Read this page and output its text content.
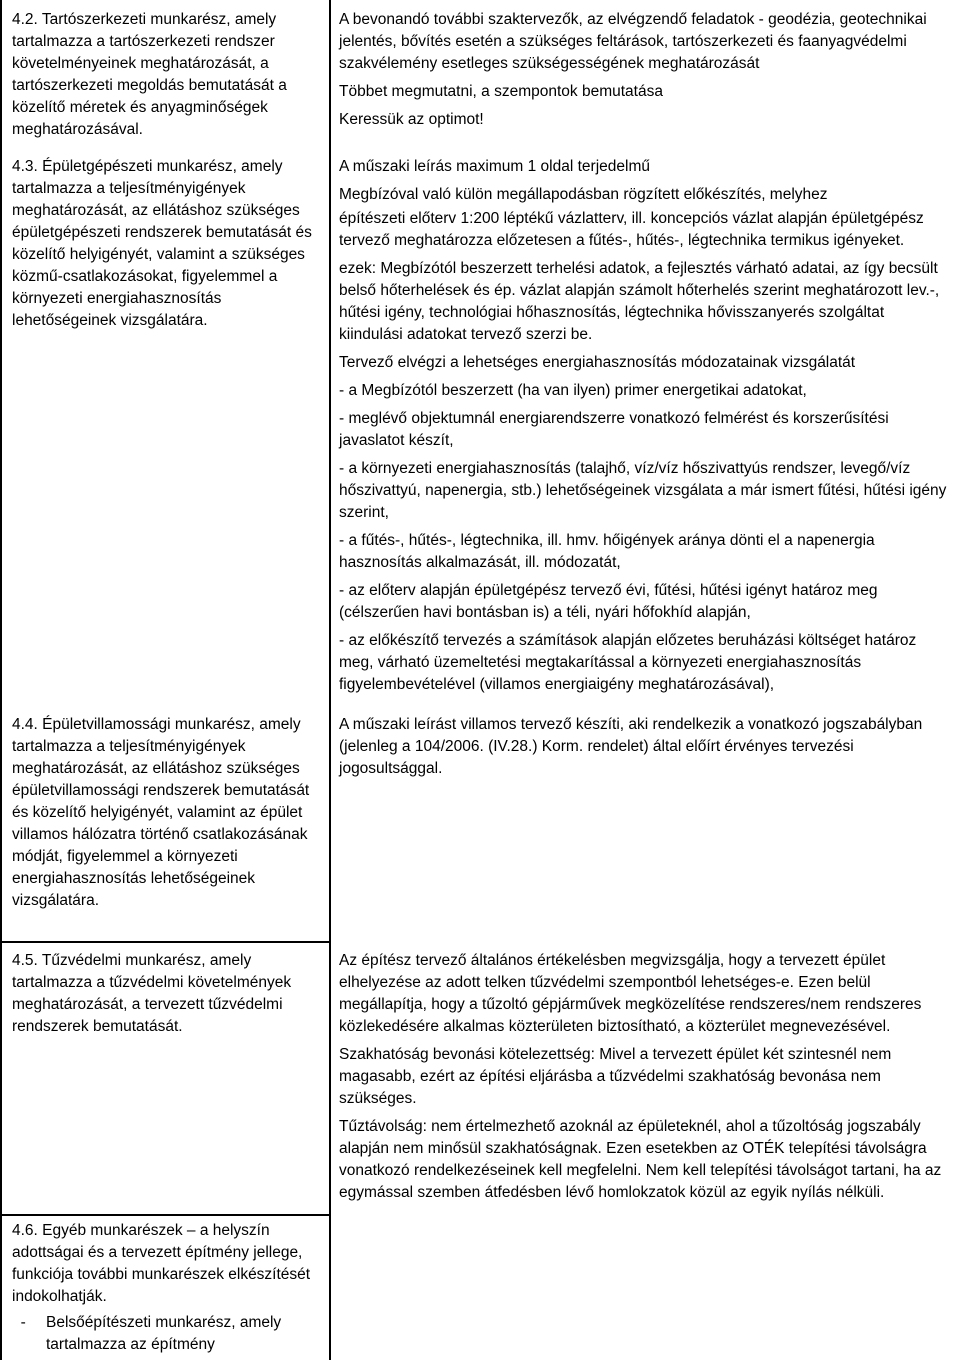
4.2. Tartószerkezeti munkarész, amely tartalmazza a tartószerkezeti rendszer követelményeinek meghatározását, a tartószerkezeti megoldás bemutatását a közelítő méretek és anyagminőségek meghatározásával.

A bevonandó további szaktervezők, az elvégzendő feladatok - geodézia, geotechnikai jelentés, bővítés esetén a szükséges feltárások, tartószerkezeti és faanyagvédelmi szakvélemény esetleges szükségességének meghatározását

Többet megmutatni, a szempontok bemutatása

Keressük az optimot!

4.3. Épületgépészeti munkarész, amely tartalmazza a teljesítményigények meghatározását, az ellátáshoz szükséges épületgépészeti rendszerek bemutatását és közelítő helyigényét, valamint a szükséges közmű-csatlakozásokat, figyelemmel a környezeti energiahasznosítás lehetőségeinek vizsgálatára.

A műszaki leírás maximum 1 oldal terjedelmű

Megbízóval való külön megállapodásban rögzített előkészítés, melyhez

építészeti előterv 1:200 léptékű vázlatterv, ill. koncepciós vázlat alapján épületgépész tervező meghatározza előzetesen a fűtés-, hűtés-, légtechnika termikus igényeket.

ezek: Megbízótól beszerzett terhelési adatok, a fejlesztés várható adatai, az így becsült belső hőterhelések és ép. vázlat alapján számolt hőterhelés szerint meghatározott lev.-, hűtési igény, technológiai hőhasznosítás, légtechnika hővisszanyerés szolgáltat kiindulási adatokat tervező szerzi be.

Tervező elvégzi a lehetséges energiahasznosítás módozatainak vizsgálatát

- a Megbízótól beszerzett (ha van ilyen) primer energetikai adatokat,

- meglévő objektumnál energiarendszerre vonatkozó felmérést és korszerűsítési javaslatot készít,

- a környezeti energiahasznosítás (talajhő, víz/víz hőszivattyús rendszer, levegő/víz hőszivattyú, napenergia, stb.) lehetőségeinek vizsgálata a már ismert fűtési, hűtési igény szerint,

- a fűtés-, hűtés-, légtechnika, ill. hmv. hőigények aránya dönti el a napenergia hasznosítás alkalmazását, ill. módozatát,

- az előterv alapján épületgépész tervező évi, fűtési, hűtési igényt határoz meg (célszerűen havi bontásban is) a téli, nyári hőfokhíd alapján,

- az előkészítő tervezés a számítások alapján előzetes beruházási költséget határoz meg, várható üzemeltetési megtakarítással a környezeti energiahasznosítás figyelembevételével (villamos energiaigény meghatározásával),

4.4. Épületvillamossági munkarész, amely tartalmazza a teljesítményigények meghatározását, az ellátáshoz szükséges épületvillamossági rendszerek bemutatását és közelítő helyigényét, valamint az épület villamos hálózatra történő csatlakozásának módját, figyelemmel a környezeti energiahasznosítás lehetőségeinek vizsgálatára.

A műszaki leírást villamos tervező készíti, aki rendelkezik a vonatkozó jogszabályban (jelenleg a 104/2006. (IV.28.) Korm. rendelet) által előírt érvényes tervezési jogosultsággal.

4.5. Tűzvédelmi munkarész, amely tartalmazza a tűzvédelmi követelmények meghatározását, a tervezett tűzvédelmi rendszerek bemutatását.

Az építész tervező általános értékelésben megvizsgálja, hogy a tervezett épület elhelyezése az adott telken tűzvédelmi szempontból lehetséges-e. Ezen belül megállapítja, hogy a tűzoltó gépjárművek megközelítése rendszeres/nem rendszeres közlekedésére alkalmas közterületen biztosítható, a közterület megnevezésével.

Szakhatóság bevonási kötelezettség: Mivel a tervezett épület két szintesnél nem magasabb, ezért az építési eljárásba a tűzvédelmi szakhatóság bevonása nem szükséges.

Tűztávolság: nem értelmezhető azoknál az épületeknél, ahol a tűzoltóság jogszabály alapján nem minősül szakhatóságnak. Ezen esetekben az OTÉK telepítési távolságra vonatkozó rendelkezéseinek kell megfelelni. Nem kell telepítési távolságot tartani, ha az egymással szemben átfedésben lévő homlokzatok közül az egyik nyílás nélküli.

4.6. Egyéb munkarészek – a helyszín adottságai és a tervezett építmény jellege, funkciója további munkarészek elkészítését indokolhatják.

-	Belsőépítészeti munkarész, amely tartalmazza az építmény
